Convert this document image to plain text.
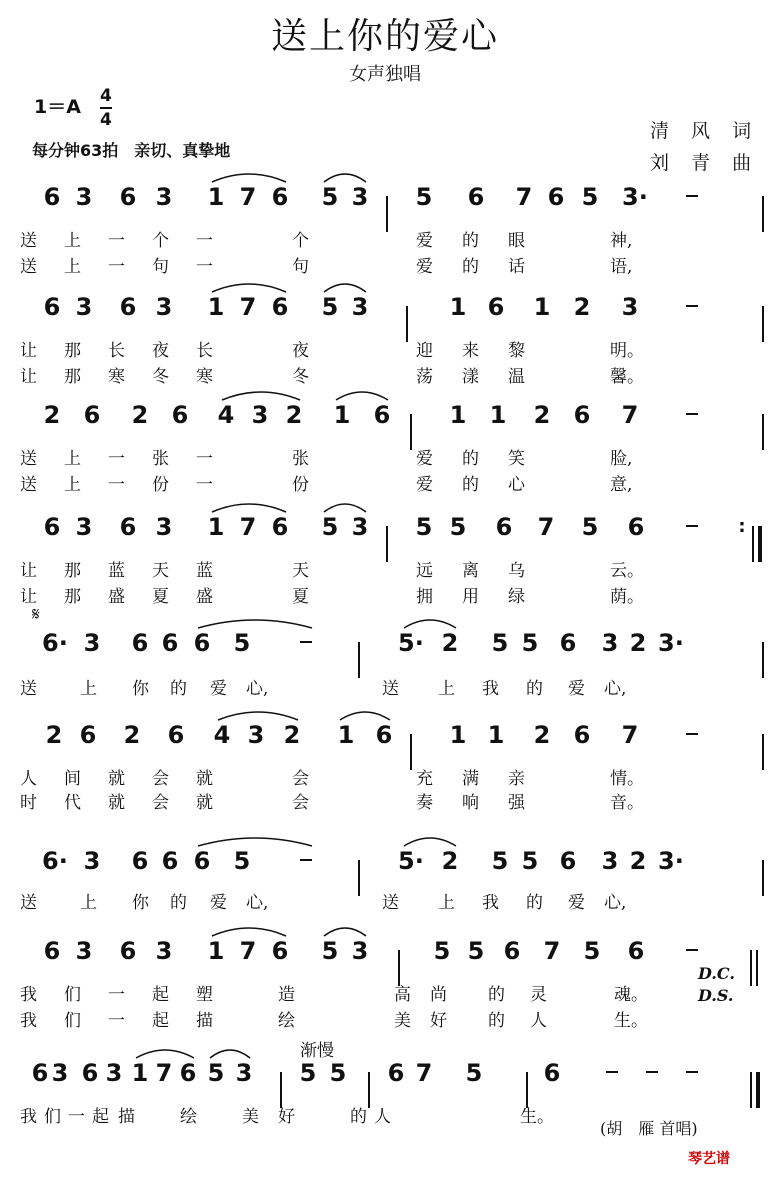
送上你的爱心
女声独唱
1＝A 4
4
每分钟63拍　亲切、真挚地
清 风 词
刘 青 曲
6 3 6 3 1 7 6 5 3 5 6 7 6 5 3·
送 上 一 个 一	个	爱 的 眼	神,
送 上 一 句 一	句	爱 的 话	语,
6 3 6 3 1 7 6 5 3	1 6 1 2 3
让 那 长 夜 长	夜	迎 来 黎	明。
让 那 寒 冬 寒	冬	荡 漾 温	馨。
2 6 2 6 4 3 2 1 6 1 1 2 6 7
送 上 一 张 一	张	爱 的 笑	脸,
送 上 一 份 一	份	爱 的 心	意,
6 3 6 3 1 7 6 5 3 5 5 6 7 5 6	:
让 那 蓝 天 蓝	天	远 离 乌	云。
让 那 盛 夏 盛	夏	拥 用 绿	荫。
6· 3 6 6 6 5	5· 2 5 5 6 3 2 3·
送	上 你 的 爱 心,	送 上 我 的 爱 心,
2 6 2 6 4 3 2 1 6 1 1 2 6 7
人 间 就 会 就	会	充 满 亲	情。
时 代 就 会 就	会	奏 响 强	音。
6· 3 6 6 6 5	5· 2 5 5 6 3 2 3·
送	上 你 的 爱 心,	送 上 我 的 爱 心,
6 3 6 3 1 7 6 5 3	5 5 6 7 5 6
我 们 一 起 塑	造	高 尚 的 灵	魂。
我 们 一 起 描	绘	美 好 的 人	生。
6 3 6 3 1 7 6 5 3 5 5 6 7 5	6
我 们 一 起 描	绘	美 好	的 人	生。
𝄋
渐慢
D.C.
D.S.
(胡　雁 首唱)
琴艺谱
